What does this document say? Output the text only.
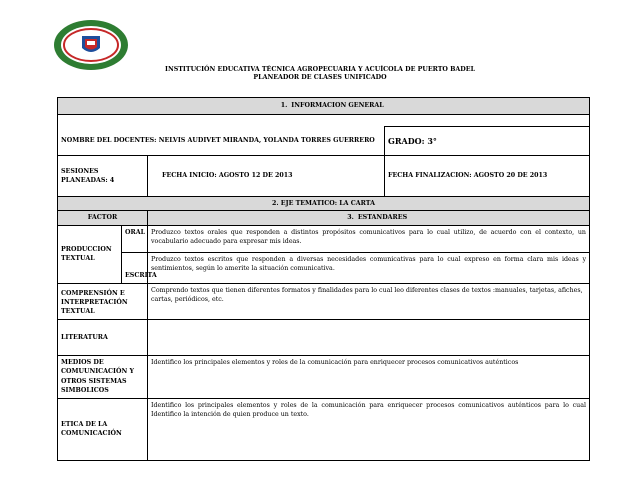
INSTITUCIÓN EDUCATIVA TÉCNICA AGROPECUARIA Y ACUÍCOLA DE PUERTO BADEL
PLANEADOR DE CLASES UNIFICADO
1. INFORMACION GENERAL			

NOMBRE DEL DOCENTES: NELVIS AUDIVET MIRANDA, YOLANDA TORRES GUERRERO			GRADO: 3°
SESIONES PLANEADAS: 4		FECHA INICIO: AGOSTO 12 DE 2013	FECHA FINALIZACION: AGOSTO 20 DE 2013
2. EJE TEMATICO: LA CARTA			
FACTOR		3. ESTANDARES	
PRODUCCION TEXTUAL	ORAL	Produzco textos orales que responden a distintos propósitos comunicativos para lo cual utilizo, de acuerdo con el contexto, un vocabulario adecuado para expresar mis ideas.	
	ESCRITA	Produzco textos escritos que responden a diversas necesidades comunicativas para lo cual expreso en forma clara mis ideas y sentimientos, según lo amerite la situación comunicativa.	
COMPRENSIÓN E INTERPRETACIÓN TEXTUAL		Comprendo textos que tienen diferentes formatos y finalidades para lo cual leo diferentes clases de textos :manuales, tarjetas, afiches, cartas, periódicos, etc.	
LITERATURA			
MEDIOS DE COMUUNICACIÓN Y OTROS SISTEMAS SIMBOLICOS		Identifico los principales elementos y roles de la comunicación para enriquecer procesos comunicativos auténticos	
ETICA DE LA COMUNICACIÓN		Identifico los principales elementos y roles de la comunicación para enriquecer procesos comunicativos auténticos para lo cual Identifico la intención de quien produce un texto.	
